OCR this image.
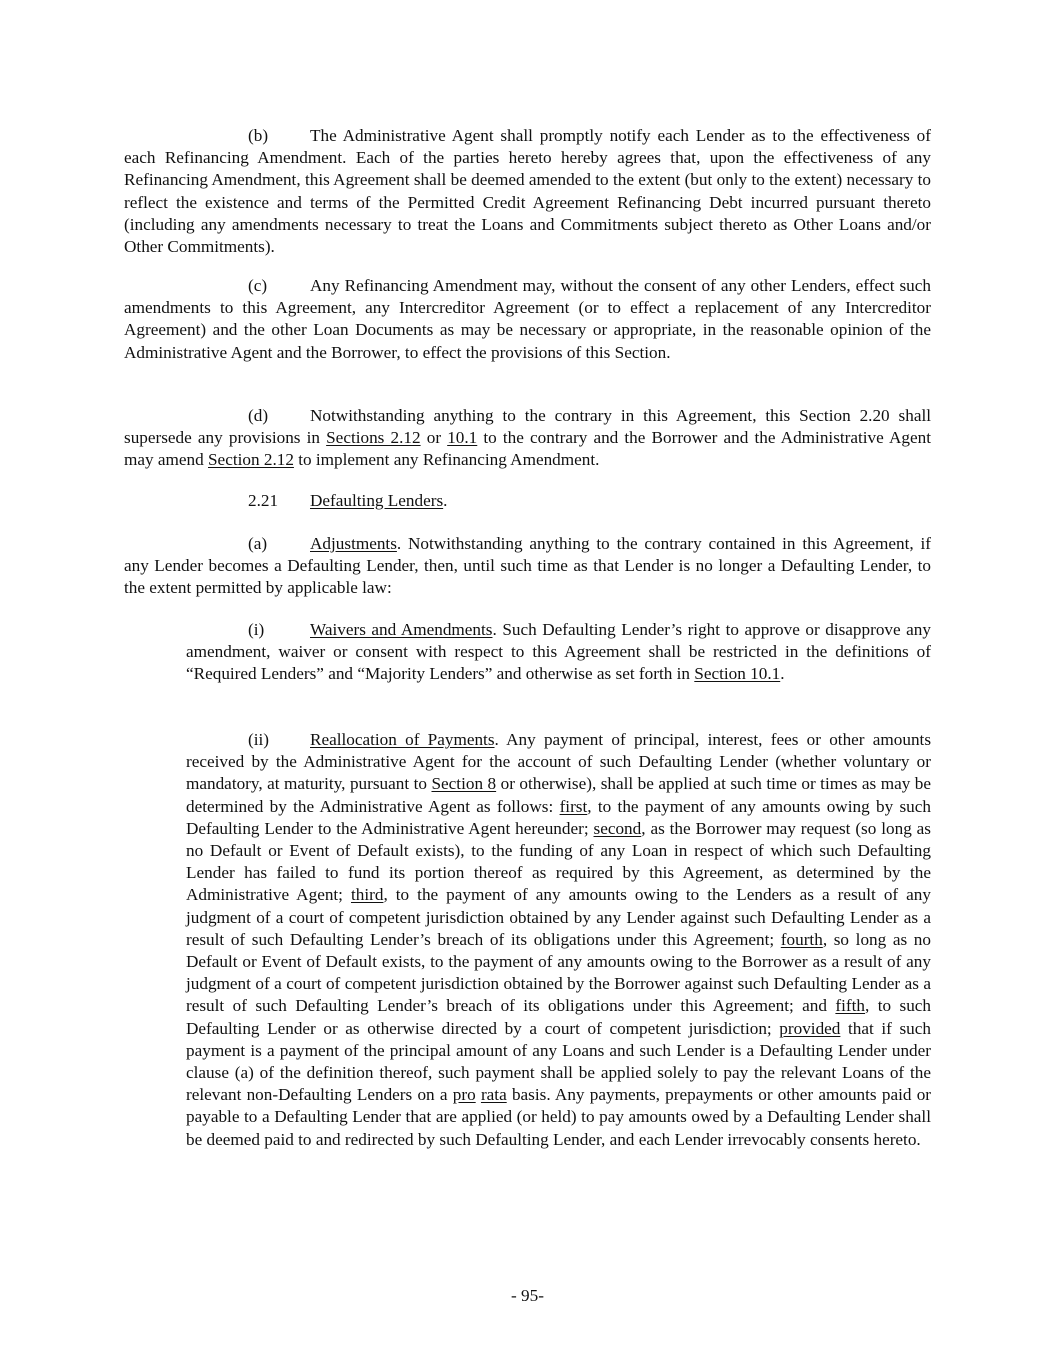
(b) The Administrative Agent shall promptly notify each Lender as to the effectiveness of each Refinancing Amendment. Each of the parties hereto hereby agrees that, upon the effectiveness of any Refinancing Amendment, this Agreement shall be deemed amended to the extent (but only to the extent) necessary to reflect the existence and terms of the Permitted Credit Agreement Refinancing Debt incurred pursuant thereto (including any amendments necessary to treat the Loans and Commitments subject thereto as Other Loans and/or Other Commitments).

(c) Any Refinancing Amendment may, without the consent of any other Lenders, effect such amendments to this Agreement, any Intercreditor Agreement (or to effect a replacement of any Intercreditor Agreement) and the other Loan Documents as may be necessary or appropriate, in the reasonable opinion of the Administrative Agent and the Borrower, to effect the provisions of this Section.

(d) Notwithstanding anything to the contrary in this Agreement, this Section 2.20 shall supersede any provisions in Sections 2.12 or 10.1 to the contrary and the Borrower and the Administrative Agent may amend Section 2.12 to implement any Refinancing Amendment.

2.21 Defaulting Lenders.

(a) Adjustments. Notwithstanding anything to the contrary contained in this Agreement, if any Lender becomes a Defaulting Lender, then, until such time as that Lender is no longer a Defaulting Lender, to the extent permitted by applicable law:

(i)	Waivers and Amendments. Such Defaulting Lender’s right to approve or disapprove any amendment, waiver or consent with respect to this Agreement shall be restricted in the definitions of “Required Lenders” and “Majority Lenders” and otherwise as set forth in Section 10.1.

(ii) Reallocation of Payments. Any payment of principal, interest, fees or other amounts received by the Administrative Agent for the account of such Defaulting Lender (whether voluntary or mandatory, at maturity, pursuant to Section 8 or otherwise), shall be applied at such time or times as may be determined by the Administrative Agent as follows: first, to the payment of any amounts owing by such Defaulting Lender to the Administrative Agent hereunder; second, as the Borrower may request (so long as no Default or Event of Default exists), to the funding of any Loan in respect of which such Defaulting Lender has failed to fund its portion thereof as required by this Agreement, as determined by the Administrative Agent; third, to the payment of any amounts owing to the Lenders as a result of any judgment of a court of competent jurisdiction obtained by any Lender against such Defaulting Lender as a result of such Defaulting Lender’s breach of its obligations under this Agreement; fourth, so long as no Default or Event of Default exists, to the payment of any amounts owing to the Borrower as a result of any judgment of a court of competent jurisdiction obtained by the Borrower against such Defaulting Lender as a result of such Defaulting Lender’s breach of its obligations under this Agreement; and fifth, to such Defaulting Lender or as otherwise directed by a court of competent jurisdiction; provided that if such payment is a payment of the principal amount of any Loans and such Lender is a Defaulting Lender under clause (a) of the definition thereof, such payment shall be applied solely to pay the relevant Loans of the relevant non-Defaulting Lenders on a pro rata basis. Any payments, prepayments or other amounts paid or payable to a Defaulting Lender that are applied (or held) to pay amounts owed by a Defaulting Lender shall be deemed paid to and redirected by such Defaulting Lender, and each Lender irrevocably consents hereto.

- 95-
